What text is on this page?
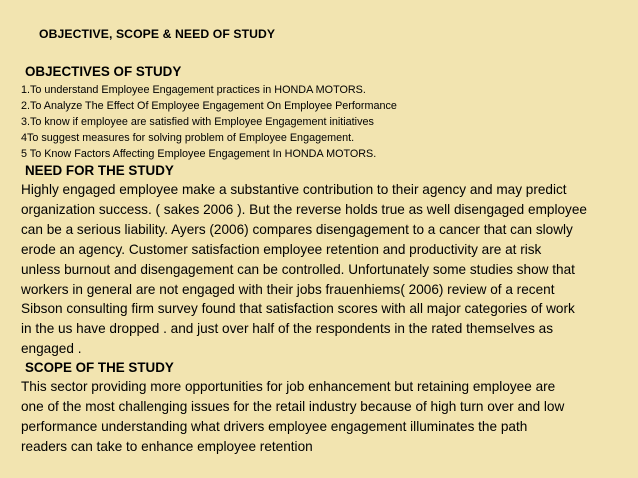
OBJECTIVE, SCOPE & NEED OF STUDY
OBJECTIVES OF STUDY
1.To understand Employee Engagement practices in HONDA MOTORS.
2.To Analyze The Effect Of Employee Engagement On Employee Performance
3.To know if employee are satisfied with Employee Engagement initiatives
4To suggest measures for solving problem of Employee Engagement.
5 To Know Factors Affecting Employee Engagement In HONDA MOTORS.
NEED FOR THE STUDY

Highly engaged employee make a substantive contribution to their agency and may predict
organization success. ( sakes 2006 ). But the reverse holds true as well disengaged employee
can be a serious liability. Ayers (2006) compares disengagement to a cancer that can slowly
erode an agency. Customer satisfaction employee retention and productivity are at risk
unless burnout and disengagement can be controlled. Unfortunately some studies show that
workers in general are not engaged with their jobs frauenhiems( 2006) review of a recent
Sibson consulting firm survey found that satisfaction scores with all major categories of work
in the us have dropped . and just over half of the respondents in the rated themselves as
engaged .

SCOPE OF THE STUDY

This sector providing more opportunities for job enhancement but retaining employee are
one of the most challenging issues for the retail industry because of high turn over and low
performance understanding what drivers employee engagement illuminates the path
readers can take to enhance employee retention
